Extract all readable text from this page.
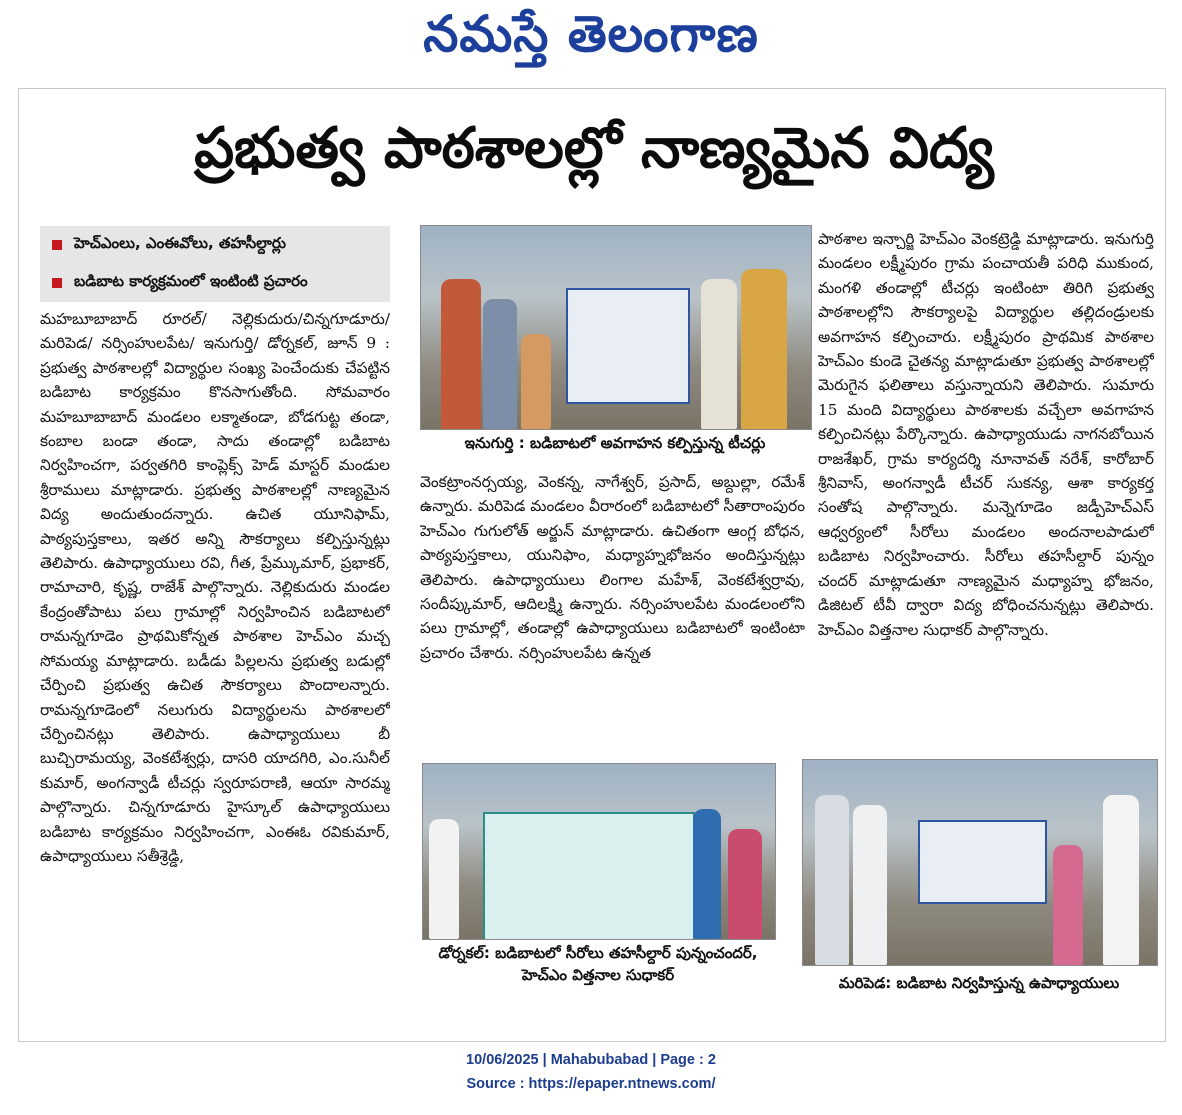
నమస్తే తెలంగాణ
ప్రభుత్వ పాఠశాలల్లో నాణ్యమైన విద్య
హెచ్ఎంలు, ఎంఈవోలు, తహసీల్దార్లు
బడిబాట కార్యక్రమంలో ఇంటింటి ప్రచారం

మహబూబాబాద్ రూరల్/ నెల్లికుదురు/చిన్నగూడూరు/ మరిపెడ/ నర్సింహులపేట/ ఇనుగుర్తి/ డోర్నకల్, జూన్ 9 : ప్రభుత్వ పాఠశాలల్లో విద్యార్థుల సంఖ్య పెంచేందుకు చేపట్టిన బడిబాట కార్యక్రమం కొనసాగుతోంది. సోమవారం మహబూబాబాద్ మండలం లక్మాతండా, బోడగుట్ట తండా, కంబాల బండా తండా, సాదు తండాల్లో బడిబాట నిర్వహించగా, పర్వతగిరి కాంప్లెక్స్ హెడ్ మాస్టర్ మండుల శ్రీరాములు మాట్లాడారు. ప్రభుత్వ పాఠశాలల్లో నాణ్యమైన విద్య అందుతుందన్నారు. ఉచిత యూనిఫామ్, పాఠ్యపుస్తకాలు, ఇతర అన్ని సౌకర్యాలు కల్పిస్తున్నట్లు తెలిపారు. ఉపాధ్యాయులు రవి, గీత, ప్రేమ్కుమార్, ప్రభాకర్, రామాచారి, కృష్ణ, రాజేశ్ పాల్గొన్నారు. నెల్లికుదురు మండల కేంద్రంతోపాటు పలు గ్రామాల్లో నిర్వహించిన బడిబాటలో రామన్నగూడెం ప్రాథమికోన్నత పాఠశాల హెచ్ఎం మచ్చ సోమయ్య మాట్లాడారు. బడీడు పిల్లలను ప్రభుత్వ బడుల్లో చేర్పించి ప్రభుత్వ ఉచిత సౌకర్యాలు పొందాలన్నారు. రామన్నగూడెంలో నలుగురు విద్యార్థులను పాఠశాలలో చేర్పించినట్లు తెలిపారు. ఉపాధ్యాయులు బీ బుచ్చిరామయ్య, వెంకటేశ్వర్లు, దాసరి యాదగిరి, ఎం.సునీల్ కుమార్, అంగన్వాడీ టీచర్లు స్వరూపరాణి, ఆయా సారమ్మ పాల్గొన్నారు. చిన్నగూడూరు హైస్కూల్ ఉపాధ్యాయులు బడిబాట కార్యక్రమం నిర్వహించగా, ఎంఈఓ రవికుమార్, ఉపాధ్యాయులు సతీశ్రెడ్డి,

ఇనుగుర్తి : బడిబాటలో అవగాహన కల్పిస్తున్న టీచర్లు

వెంకట్రాంనర్సయ్య, వెంకన్న, నాగేశ్వర్, ప్రసాద్, అబ్దుల్లా, రమేశ్ ఉన్నారు. మరిపెడ మండలం వీరారంలో బడిబాటలో సీతారాంపురం హెచ్ఎం గుగులోత్ అర్జున్ మాట్లాడారు. ఉచితంగా ఆంగ్ల బోధన, పాఠ్యపుస్తకాలు, యునిఫాం, మధ్యాహ్నభోజనం అందిస్తున్నట్లు తెలిపారు. ఉపాధ్యాయులు లింగాల మహేశ్, వెంకటేశ్వర్రావు, సందీప్కుమార్, ఆదిలక్ష్మి ఉన్నారు. నర్సింహులపేట మండలంలోని పలు గ్రామాల్లో, తండాల్లో ఉపాధ్యాయులు బడిబాటలో ఇంటింటా ప్రచారం చేశారు. నర్సింహులపేట ఉన్నత

పాఠశాల ఇన్చార్జి హెచ్ఎం వెంకట్రెడ్డి మాట్లాడారు. ఇనుగుర్తి మండలం లక్ష్మీపురం గ్రామ పంచాయతీ పరిధి ముకుంద, మంగళి తండాల్లో టీచర్లు ఇంటింటా తిరిగి ప్రభుత్వ పాఠశాలల్లోని సౌకర్యాలపై విద్యార్థుల తల్లిదండ్రులకు అవగాహన కల్పించారు. లక్ష్మీపురం ప్రాథమిక పాఠశాల హెచ్ఎం కుండె చైతన్య మాట్లాడుతూ ప్రభుత్వ పాఠశాలల్లో మెరుగైన ఫలితాలు వస్తున్నాయని తెలిపారు. సుమారు 15 మంది విద్యార్థులు పాఠశాలకు వచ్చేలా అవగాహన కల్పించినట్లు పేర్కొన్నారు. ఉపాధ్యాయుడు నాగనబోయిన రాజశేఖర్, గ్రామ కార్యదర్శి నూనావత్ నరేశ్, కారోబార్ శ్రీనివాస్, అంగన్వాడీ టీచర్ సుకన్య, ఆశా కార్యకర్త సంతోష పాల్గొన్నారు. మన్నెగూడెం జడ్పీహెచ్ఎస్ ఆధ్వర్యంలో సీరోలు మండలం అందనాలపాడులో బడిబాట నిర్వహించారు. సీరోలు తహసీల్దార్ పున్నం చందర్ మాట్లాడుతూ నాణ్యమైన మధ్యాహ్న భోజనం, డిజిటల్ టీవీ ద్వారా విద్య బోధించనున్నట్లు తెలిపారు. హెచ్ఎం విత్తనాల సుధాకర్ పాల్గొన్నారు.

డోర్నకల్: బడిబాటలో సీరోలు తహసీల్దార్ పున్నంచందర్, హెచ్ఎం విత్తనాల సుధాకర్	మరిపెడ: బడిబాట నిర్వహిస్తున్న ఉపాధ్యాయులు
10/06/2025 | Mahabubabad | Page : 2
Source : https://epaper.ntnews.com/
